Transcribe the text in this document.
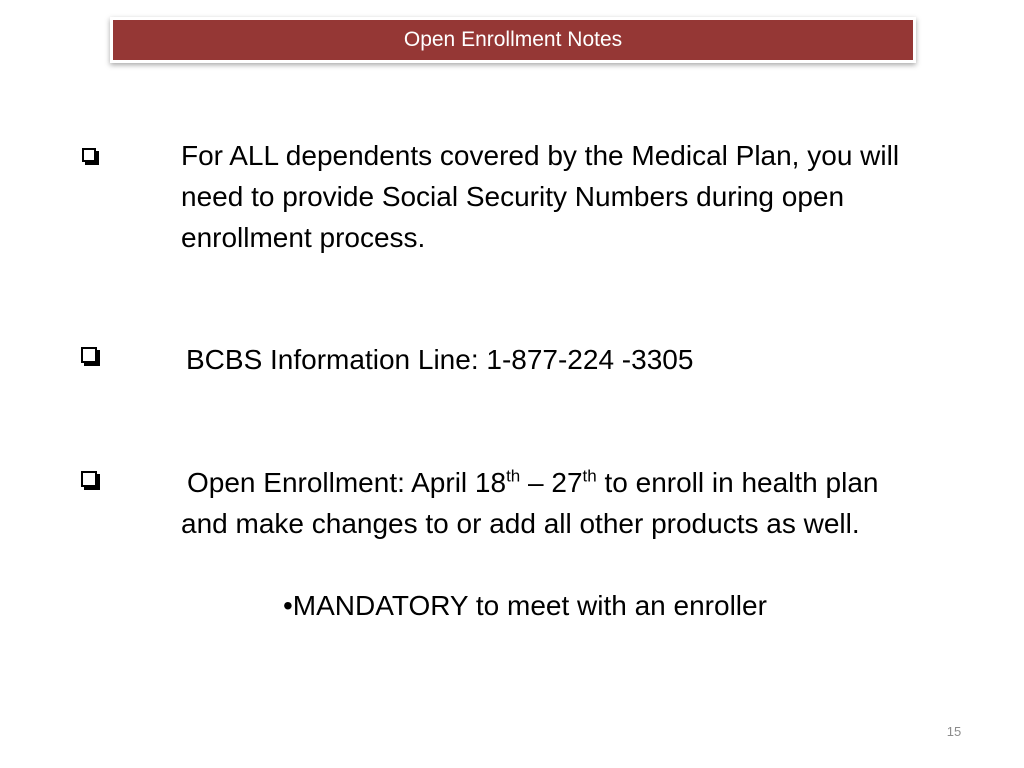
Open Enrollment Notes
For ALL dependents covered by the Medical Plan, you will
need to provide Social Security Numbers during open
enrollment process.
BCBS Information Line: 1-877-224 -3305
Open Enrollment: April 18th – 27th to enroll in health plan
and make changes to or add all other products as well.
•MANDATORY to meet with an enroller
15
